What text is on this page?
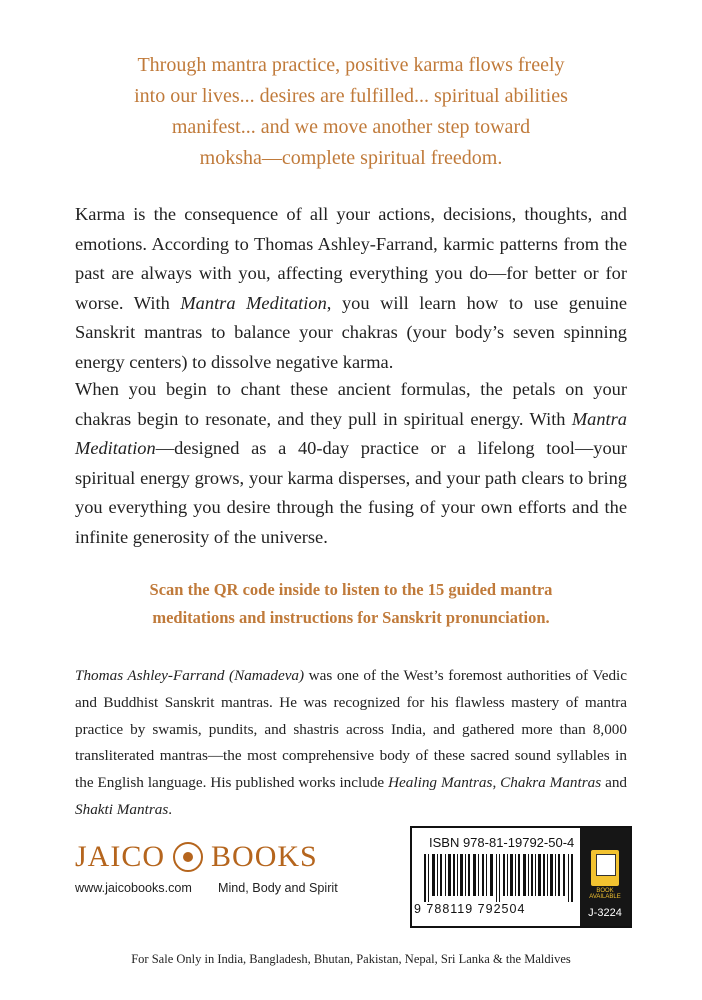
Through mantra practice, positive karma flows freely
into our lives... desires are fulfilled... spiritual abilities
manifest... and we move another step toward
moksha—complete spiritual freedom.
Karma is the consequence of all your actions, decisions, thoughts, and emotions. According to Thomas Ashley-Farrand, karmic patterns from the past are always with you, affecting everything you do—for better or for worse. With Mantra Meditation, you will learn how to use genuine Sanskrit mantras to balance your chakras (your body’s seven spinning energy centers) to dissolve negative karma.
When you begin to chant these ancient formulas, the petals on your chakras begin to resonate, and they pull in spiritual energy. With Mantra Meditation—designed as a 40-day practice or a lifelong tool—your spiritual energy grows, your karma disperses, and your path clears to bring you everything you desire through the fusing of your own efforts and the infinite generosity of the universe.
Scan the QR code inside to listen to the 15 guided mantra
meditations and instructions for Sanskrit pronunciation.
Thomas Ashley-Farrand (Namadeva) was one of the West’s foremost authorities of Vedic and Buddhist Sanskrit mantras. He was recognized for his flawless mastery of mantra practice by swamis, pundits, and shastris across India, and gathered more than 8,000 transliterated mantras—the most comprehensive body of these sacred sound syllables in the English language. His published works include Healing Mantras, Chakra Mantras and Shakti Mantras.
JAICO BOOKS
www.jaicobooks.com Mind, Body and Spirit
ISBN 978-81-19792-50-4
9 788119 792504
BOOK AVAILABLE
J-3224
For Sale Only in India, Bangladesh, Bhutan, Pakistan, Nepal, Sri Lanka & the Maldives
